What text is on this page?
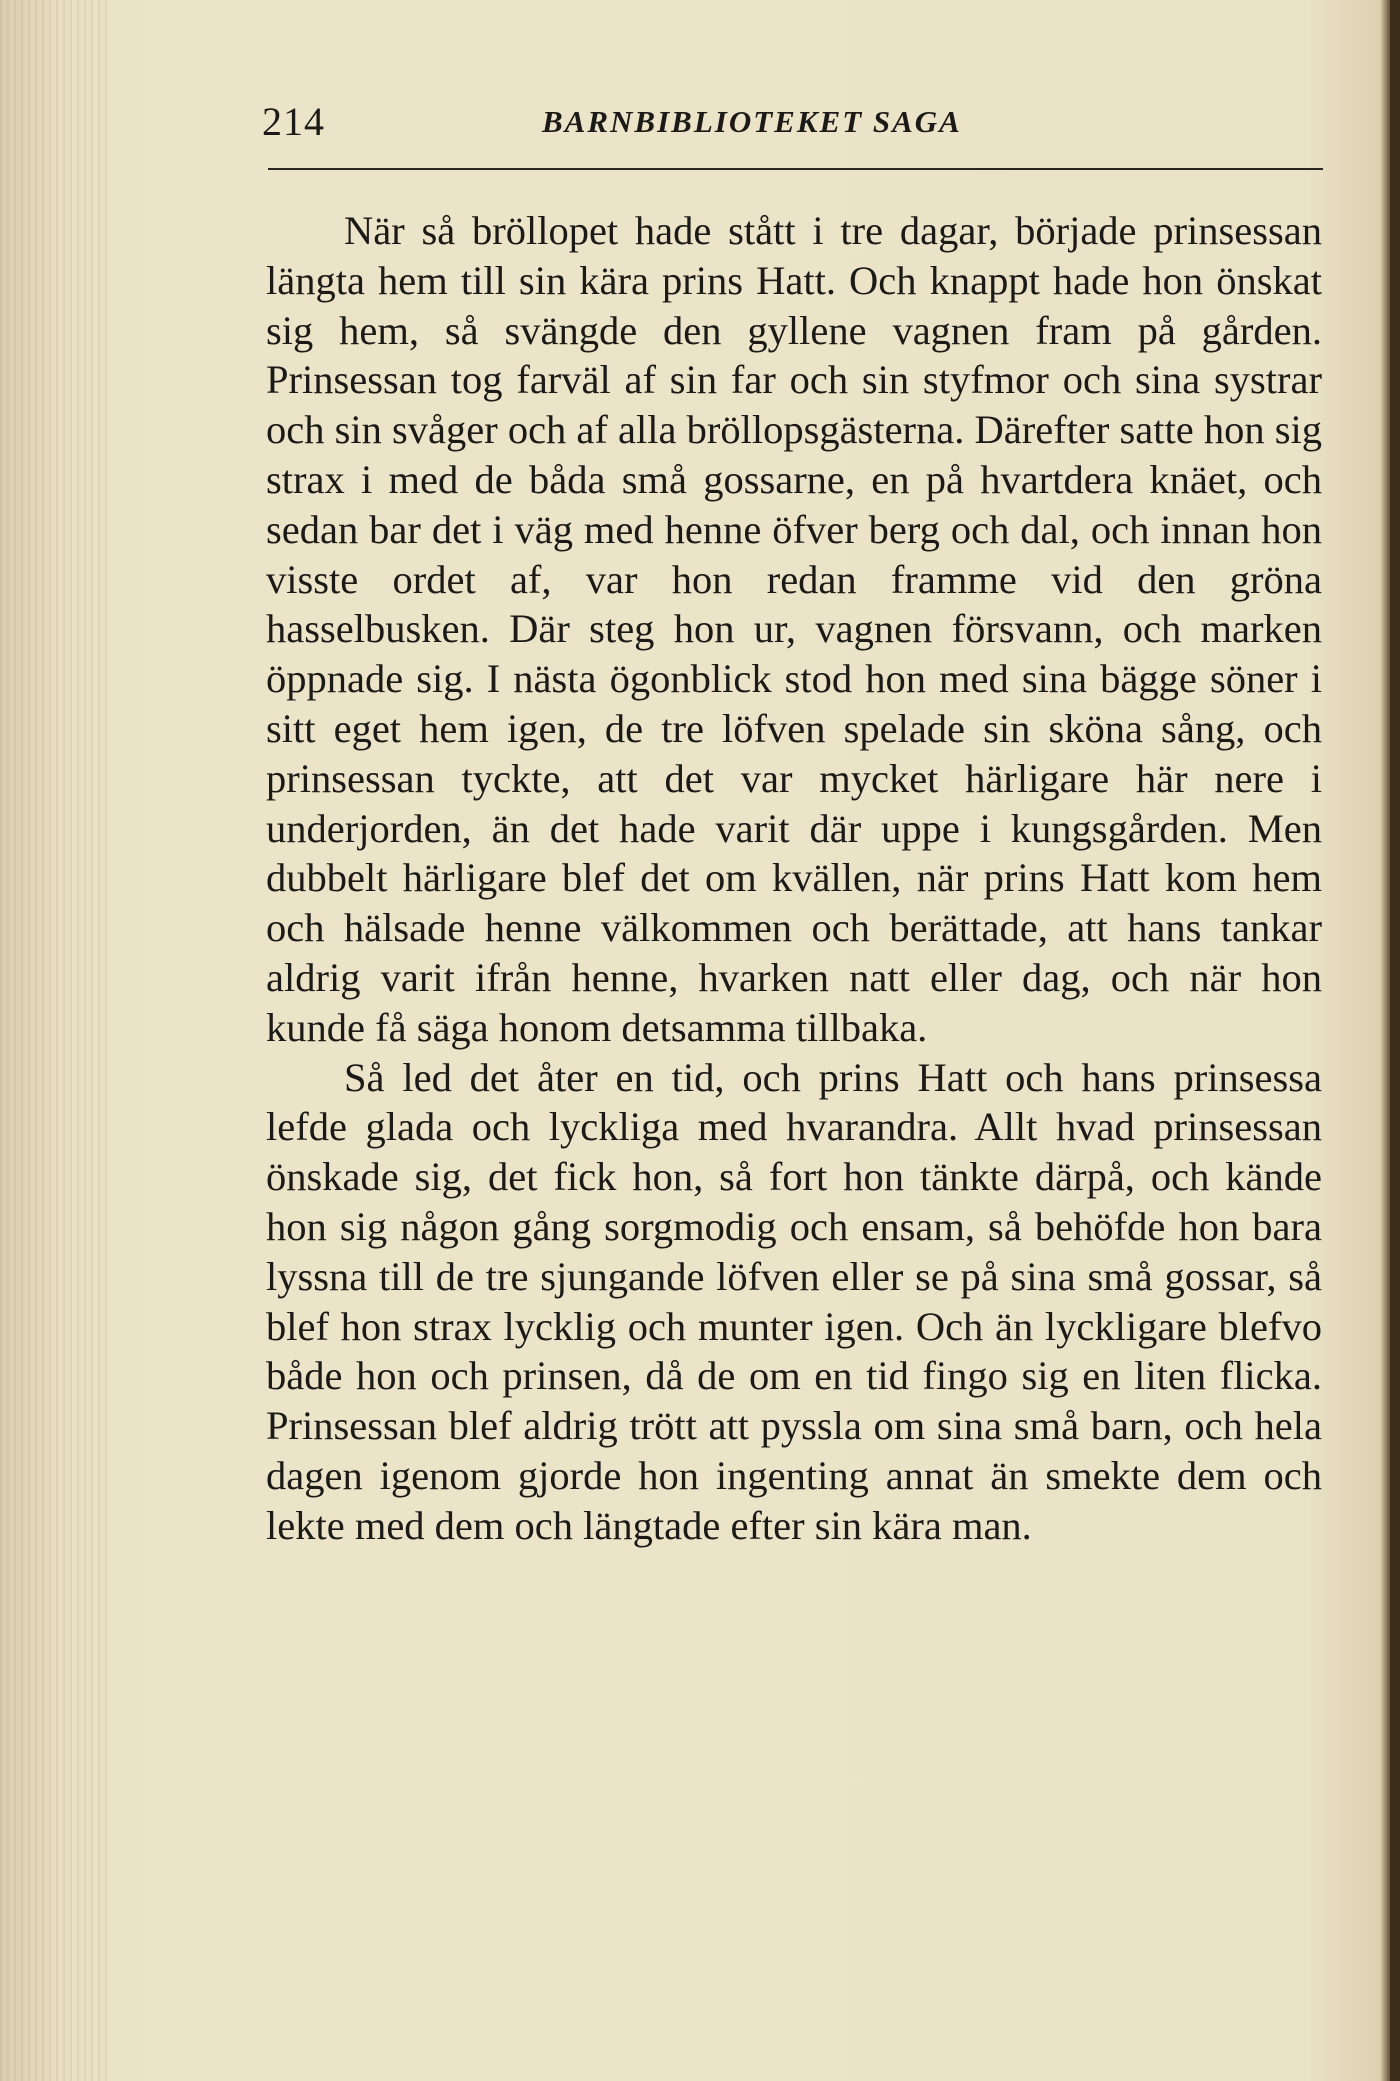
214	BARNBIBLIOTEKET SAGA

När så bröllopet hade stått i tre dagar, började prinsessan längta hem till sin kära prins Hatt. Och knappt hade hon önskat sig hem, så svängde den gyllene vagnen fram på gården. Prinsessan tog farväl af sin far och sin styfmor och sina systrar och sin svåger och af alla bröllopsgästerna. Därefter satte hon sig strax i med de båda små gossarne, en på hvartdera knäet, och sedan bar det i väg med henne öfver berg och dal, och innan hon visste ordet af, var hon redan framme vid den gröna hasselbusken. Där steg hon ur, vagnen försvann, och marken öppnade sig. I nästa ögonblick stod hon med sina bägge söner i sitt eget hem igen, de tre löfven spelade sin sköna sång, och prinsessan tyckte, att det var mycket härligare här nere i underjorden, än det hade varit där uppe i kungsgården. Men dubbelt härligare blef det om kvällen, när prins Hatt kom hem och hälsade henne välkommen och berättade, att hans tankar aldrig varit ifrån henne, hvarken natt eller dag, och när hon kunde få säga honom detsamma tillbaka.

Så led det åter en tid, och prins Hatt och hans prinsessa lefde glada och lyckliga med hvarandra. Allt hvad prinsessan önskade sig, det fick hon, så fort hon tänkte därpå, och kände hon sig någon gång sorgmodig och ensam, så behöfde hon bara lyssna till de tre sjungande löfven eller se på sina små gossar, så blef hon strax lycklig och munter igen. Och än lyckligare blefvo både hon och prinsen, då de om en tid fingo sig en liten flicka. Prinsessan blef aldrig trött att pyssla om sina små barn, och hela dagen igenom gjorde hon ingenting annat än smekte dem och lekte med dem och längtade efter sin kära man.
